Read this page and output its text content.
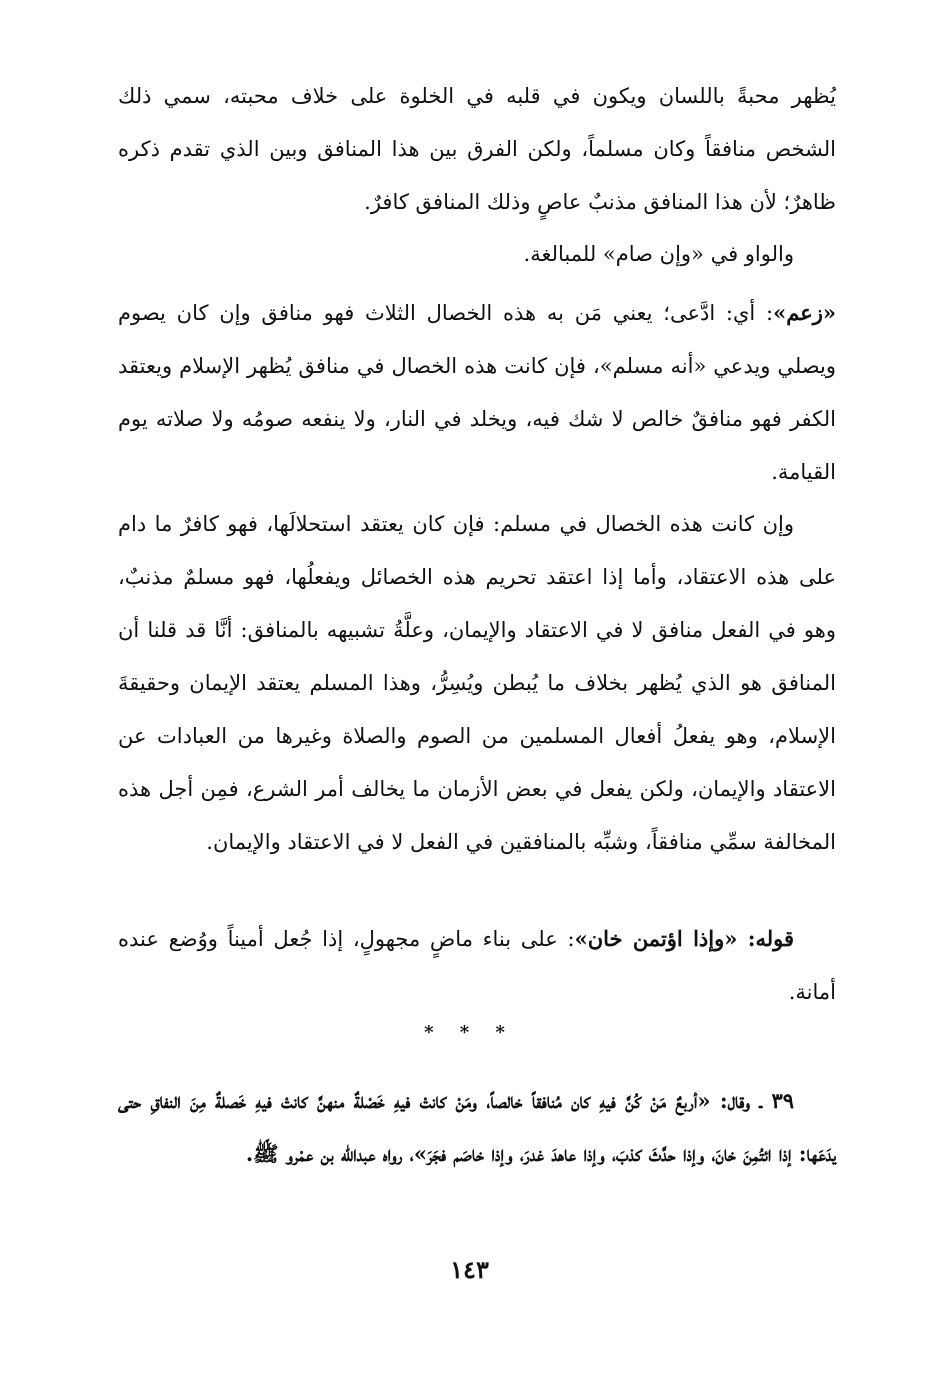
يُظهر محبةً باللسان ويكون في قلبه في الخلوة على خلاف محبته، سمي ذلك الشخص منافقاً وكان مسلماً، ولكن الفرق بين هذا المنافق وبين الذي تقدم ذكره ظاهرٌ؛ لأن هذا المنافق مذنبٌ عاصٍ وذلك المنافق كافرٌ.

والواو في «وإن صام» للمبالغة.

«زعم»: أي: ادَّعى؛ يعني مَن به هذه الخصال الثلاث فهو منافق وإن كان يصوم ويصلي ويدعي «أنه مسلم»، فإن كانت هذه الخصال في منافق يُظهر الإسلام ويعتقد الكفر فهو منافقٌ خالص لا شك فيه، ويخلد في النار، ولا ينفعه صومُه ولا صلاته يوم القيامة.

وإن كانت هذه الخصال في مسلم: فإن كان يعتقد استحلالَها، فهو كافرٌ ما دام على هذه الاعتقاد، وأما إذا اعتقد تحريم هذه الخصائل ويفعلُها، فهو مسلمٌ مذنبٌ، وهو في الفعل منافق لا في الاعتقاد والإيمان، وعلَّةُ تشبيهه بالمنافق: أنَّا قد قلنا أن المنافق هو الذي يُظهر بخلاف ما يُبطن ويُسِرُّ، وهذا المسلم يعتقد الإيمان وحقيقةَ الإسلام، وهو يفعلُ أفعال المسلمين من الصوم والصلاة وغيرها من العبادات عن الاعتقاد والإيمان، ولكن يفعل في بعض الأزمان ما يخالف أمر الشرع، فمِن أجل هذه المخالفة سمِّي منافقاً، وشبِّه بالمنافقين في الفعل لا في الاعتقاد والإيمان.

قوله: «وإذا اؤتمن خان»: على بناء ماضٍ مجهولٍ، إذا جُعل أميناً ووُضع عنده أمانة.

* * *

٣٩ ـ وقال: «أربعٌ مَنْ كُنَّ فيهِ كان مُنافقاً خالصاً، ومَنْ كانتْ فيهِ خَصْلةٌ منهنَّ كانتْ فيهِ خَصلةٌ مِنَ النفاقِ حتى يدَعَها: إذا ائتُمِنَ خانَ، وإذا حدَّثَ كذبَ، وإذا عاهدَ غدرَ، وإذا خاصَم فجَرَ»، رواه عبدالله بن عمْرو ﷺ.

١٤٣
